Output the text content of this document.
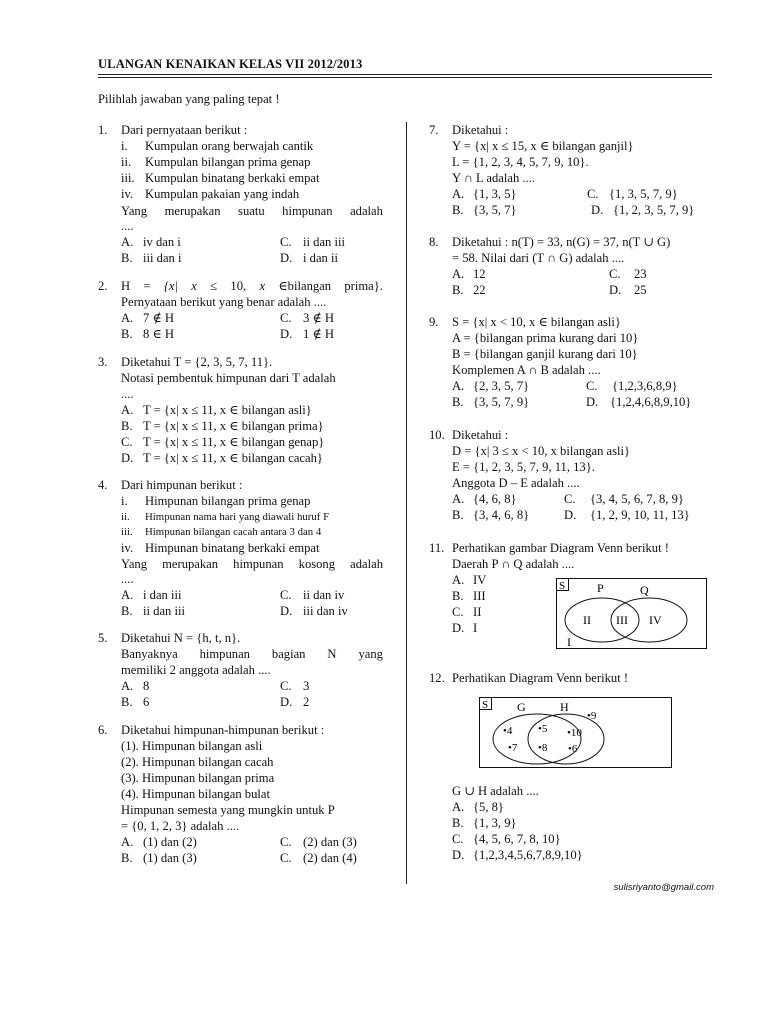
ULANGAN KENAIKAN KELAS VII 2012/2013
Pilihlah jawaban yang paling tepat !
1. Dari pernyataan berikut :
i. Kumpulan orang berwajah cantik
ii. Kumpulan bilangan prima genap
iii. Kumpulan binatang berkaki empat
iv. Kumpulan pakaian yang indah
Yang merupakan suatu himpunan adalah
....
A. iv dan i	C. ii dan iii
B. iii dan i	D. i dan ii
2. H = {x| x ≤ 10, x ∈bilangan prima}.
Pernyataan berikut yang benar adalah ....
A. 7 ∉ H	C. 3 ∉ H
B. 8 ∈ H	D. 1 ∉ H
3. Diketahui T = {2, 3, 5, 7, 11}.
Notasi pembentuk himpunan dari T adalah
....
A. T = {x| x ≤ 11, x ∈ bilangan asli}
B. T = {x| x ≤ 11, x ∈ bilangan prima}
C. T = {x| x ≤ 11, x ∈ bilangan genap}
D. T = {x| x ≤ 11, x ∈ bilangan cacah}
4. Dari himpunan berikut :
i. Himpunan bilangan prima genap
ii. Himpunan nama hari yang diawali huruf F
iii. Himpunan bilangan cacah antara 3 dan 4
iv. Himpunan binatang berkaki empat
Yang merupakan himpunan kosong adalah
....
A. i dan iii	C. ii dan iv
B. ii dan iii	D. iii dan iv
5. Diketahui N = {h, t, n}.
Banyaknya himpunan bagian N yang
memiliki 2 anggota adalah ....
A. 8	C. 3
B. 6	D. 2
6. Diketahui himpunan-himpunan berikut :
(1). Himpunan bilangan asli
(2). Himpunan bilangan cacah
(3). Himpunan bilangan prima
(4). Himpunan bilangan bulat
Himpunan semesta yang mungkin untuk P
= {0, 1, 2, 3} adalah ....
A. (1) dan (2)	C. (2) dan (3)
B. (1) dan (3)	C. (2) dan (4)
7. Diketahui :
Y = {x| x ≤ 15, x ∈ bilangan ganjil}
L = {1, 2, 3, 4, 5, 7, 9, 10}.
Y ∩ L adalah ....
A. {1, 3, 5}	C. {1, 3, 5, 7, 9}
B. {3, 5, 7}	D. {1, 2, 3, 5, 7, 9}
8. Diketahui : n(T) = 33, n(G) = 37, n(T ∪ G)
= 58. Nilai dari (T ∩ G) adalah ....
A. 12	C. 23
B. 22	D. 25
9. S = {x| x < 10, x ∈ bilangan asli}
A = {bilangan prima kurang dari 10}
B = {bilangan ganjil kurang dari 10}
Komplemen A ∩ B adalah ....
A. {2, 3, 5, 7}	C. {1,2,3,6,8,9}
B. {3, 5, 7, 9}	D. {1,2,4,6,8,9,10}
10. Diketahui :
D = {x| 3 ≤ x < 10, x bilangan asli}
E = {1, 2, 3, 5, 7, 9, 11, 13}.
Anggota D – E adalah ....
A. {4, 6, 8}	C. {3, 4, 5, 6, 7, 8, 9}
B. {3, 4, 6, 8}	D. {1, 2, 9, 10, 11, 13}
11. Perhatikan gambar Diagram Venn berikut !
Daerah P ∩ Q adalah ....
A. IV
B. III
C. II
D. I
S	P	Q
II III IV
I
12. Perhatikan Diagram Venn berikut !
S G	H
•9
•4 •5 •10
•7 •8 •6
G ∪ H adalah ....
A. {5, 8}
B. {1, 3, 9}
C. {4, 5, 6, 7, 8, 10}
D. {1,2,3,4,5,6,7,8,9,10}
sulisriyanto@gmail.com
